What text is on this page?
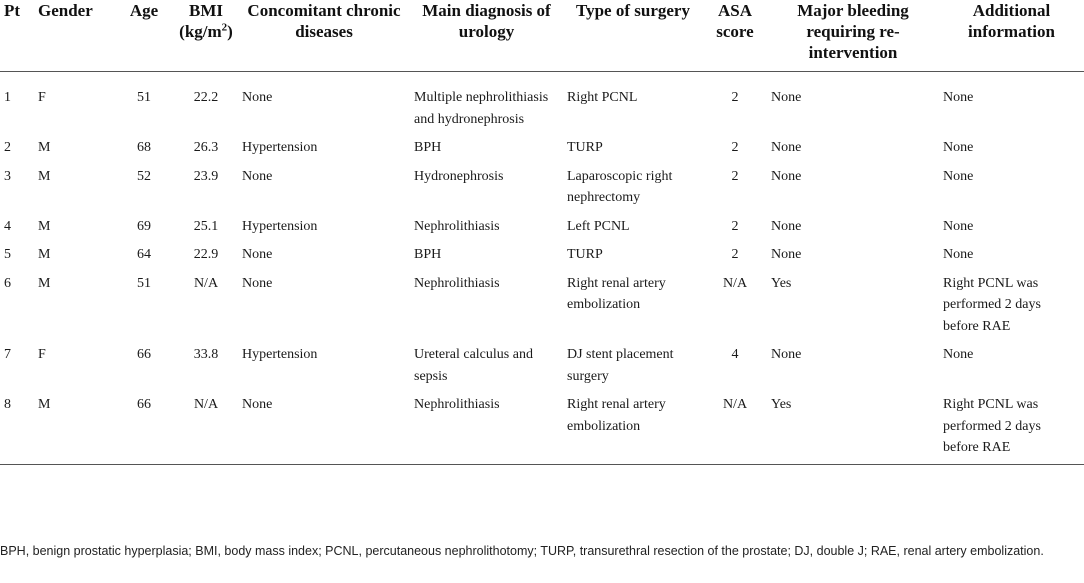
Pt	Gender	Age	BMI $(kg/m^2)$	Concomitant chronic diseases	Main diagnosis of urology	Type of surgery	ASA score	Major bleeding requiring re-intervention	Additional information
1	F	51	22.2	None	Multiple nephrolithiasis and hydronephrosis	Right PCNL	2	None	None
2	M	68	26.3	Hypertension	BPH	TURP	2	None	None
3	M	52	23.9	None	Hydronephrosis	Laparoscopic right nephrectomy	2	None	None
4	M	69	25.1	Hypertension	Nephrolithiasis	Left PCNL	2	None	None
5	M	64	22.9	None	BPH	TURP	2	None	None
6	M	51	N/A	None	Nephrolithiasis	Right renal artery embolization	N/A	Yes	Right PCNL was performed 2 days before RAE
7	F	66	33.8	Hypertension	Ureteral calculus and sepsis	DJ stent placement surgery	4	None	None
8	M	66	N/A	None	Nephrolithiasis	Right renal artery embolization	N/A	Yes	Right PCNL was performed 2 days before RAE
BPH, benign prostatic hyperplasia; BMI, body mass index; PCNL, percutaneous nephrolithotomy; TURP, transurethral resection of the prostate; DJ, double J; RAE, renal artery embolization.
